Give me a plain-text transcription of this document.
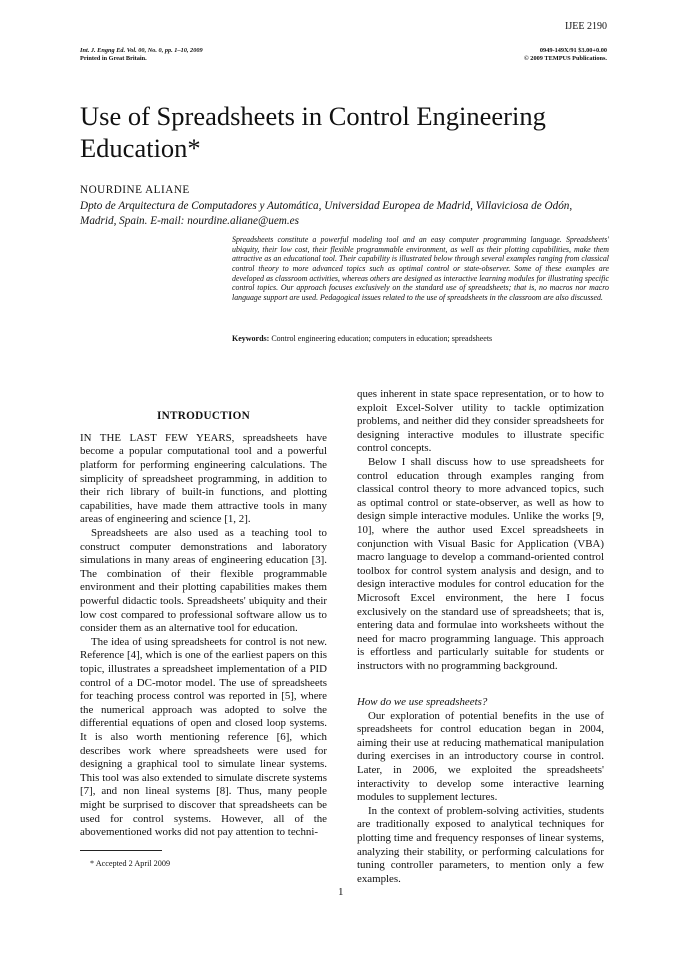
IJEE 2190
Int. J. Engng Ed. Vol. 00, No. 0, pp. 1–10, 2009
Printed in Great Britain.
0949-149X/91 $3.00+0.00
© 2009 TEMPUS Publications.
Use of Spreadsheets in Control Engineering Education*
NOURDINE ALIANE
Dpto de Arquitectura de Computadores y Automática, Universidad Europea de Madrid, Villaviciosa de Odón, Madrid, Spain. E-mail: nourdine.aliane@uem.es
Spreadsheets constitute a powerful modeling tool and an easy computer programming language. Spreadsheets' ubiquity, their low cost, their flexible programmable environment, as well as their plotting capabilities, make them attractive as an educational tool. Their capability is illustrated below through several examples ranging from classical control theory to more advanced topics such as optimal control or state-observer. Some of these examples are developed as classroom activities, whereas others are designed as interactive learning modules for illustrating specific control topics. Our approach focuses exclusively on the standard use of spreadsheets; that is, no macros nor macro language support are used. Pedagogical issues related to the use of spreadsheets in the classroom are also discussed.
Keywords: Control engineering education; computers in education; spreadsheets
INTRODUCTION

IN THE LAST FEW YEARS, spreadsheets have become a popular computational tool and a powerful platform for performing engineering calculations. The simplicity of spreadsheet programming, in addition to their rich library of built-in functions, and plotting capabilities, have made them attractive tools in many areas of engineering and science [1, 2].

Spreadsheets are also used as a teaching tool to construct computer demonstrations and laboratory simulations in many areas of engineering education [3]. The combination of their flexible programmable environment and their plotting capabilities makes them powerful didactic tools. Spreadsheets' ubiquity and their low cost compared to professional software allow us to consider them as an alternative tool for education.

The idea of using spreadsheets for control is not new. Reference [4], which is one of the earliest papers on this topic, illustrates a spreadsheet implementation of a PID control of a DC-motor model. The use of spreadsheets for teaching process control was reported in [5], where the numerical approach was adopted to solve the differential equations of open and closed loop systems. It is also worth mentioning reference [6], which describes work where spreadsheets were used for designing a graphical tool to simulate linear systems. This tool was also extended to simulate discrete systems [7], and non lineal systems [8]. Thus, many people might be surprised to discover that spreadsheets can be used for control systems. However, all of the abovementioned works did not pay attention to techni-

ques inherent in state space representation, or to how to exploit Excel-Solver utility to tackle optimization problems, and neither did they consider spreadsheets for designing interactive modules to illustrate specific control concepts.

Below I shall discuss how to use spreadsheets for control education through examples ranging from classical control theory to more advanced topics, such as optimal control or state-observer, as well as how to design simple interactive modules. Unlike the works [9, 10], where the author used Excel spreadsheets in conjunction with Visual Basic for Application (VBA) macro language to develop a command-oriented control toolbox for control system analysis and design, and to design interactive modules for control education for the Microsoft Excel environment, the here I focus exclusively on the standard use of spreadsheets; that is, entering data and formulae into worksheets without the need for macro programming language. This approach is effortless and particularly suitable for students or instructors with no programming background.

How do we use spreadsheets?

Our exploration of potential benefits in the use of spreadsheets for control education began in 2004, aiming their use at reducing mathematical manipulation during exercises in an introductory course in control. Later, in 2006, we exploited the spreadsheets' interactivity to develop some interactive learning modules to supplement lectures.

In the context of problem-solving activities, students are traditionally exposed to analytical techniques for plotting time and frequency responses of linear systems, analyzing their stability, or performing calculations for tuning controller parameters, to mention only a few examples.

* Accepted 2 April 2009
1
